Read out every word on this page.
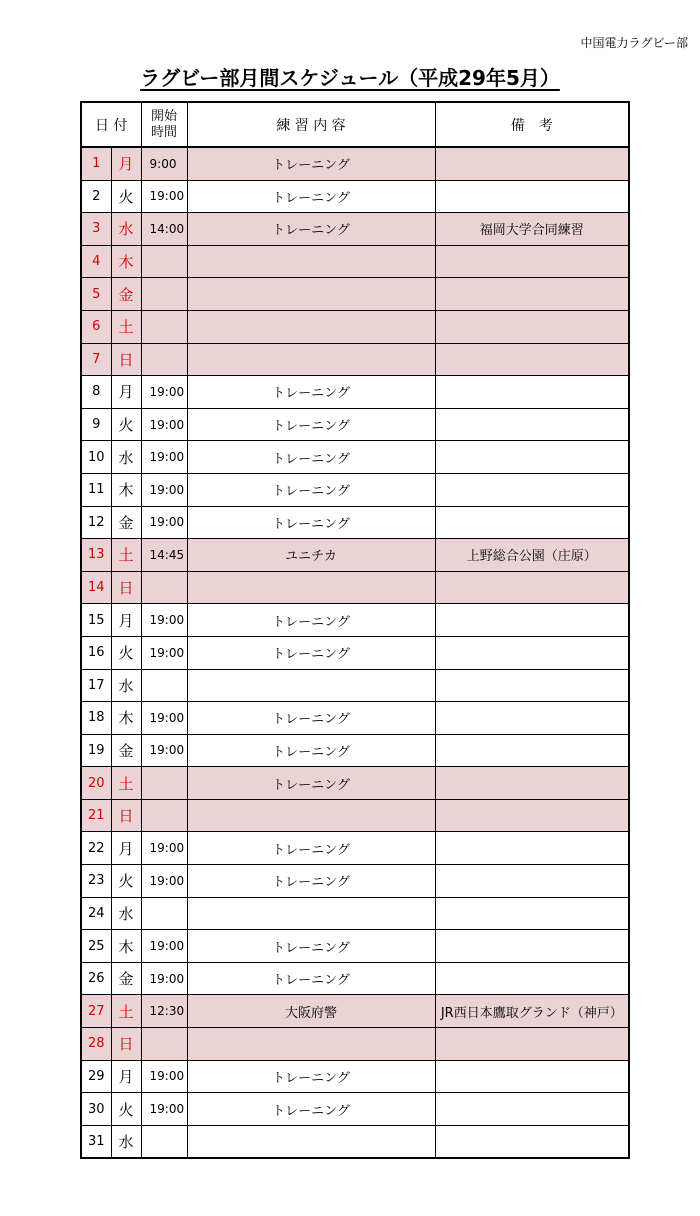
中国電力ラグビー部
ラグビー部月間スケジュール（平成29年5月）
日 付		開始
時間	練 習 内 容	備　考
1	月	9:00	トレーニング	
2	火	19:00	トレーニング	
3	水	14:00	トレーニング	福岡大学合同練習
4	木			
5	金			
6	土			
7	日			
8	月	19:00	トレーニング	
9	火	19:00	トレーニング	
10	水	19:00	トレーニング	
11	木	19:00	トレーニング	
12	金	19:00	トレーニング	
13	土	14:45	ユニチカ	上野総合公園（庄原）
14	日			
15	月	19:00	トレーニング	
16	火	19:00	トレーニング	
17	水			
18	木	19:00	トレーニング	
19	金	19:00	トレーニング	
20	土		トレーニング	
21	日			
22	月	19:00	トレーニング	
23	火	19:00	トレーニング	
24	水			
25	木	19:00	トレーニング	
26	金	19:00	トレーニング	
27	土	12:30	大阪府警	JR西日本鷹取グランド（神戸）
28	日			
29	月	19:00	トレーニング	
30	火	19:00	トレーニング	
31	水			
